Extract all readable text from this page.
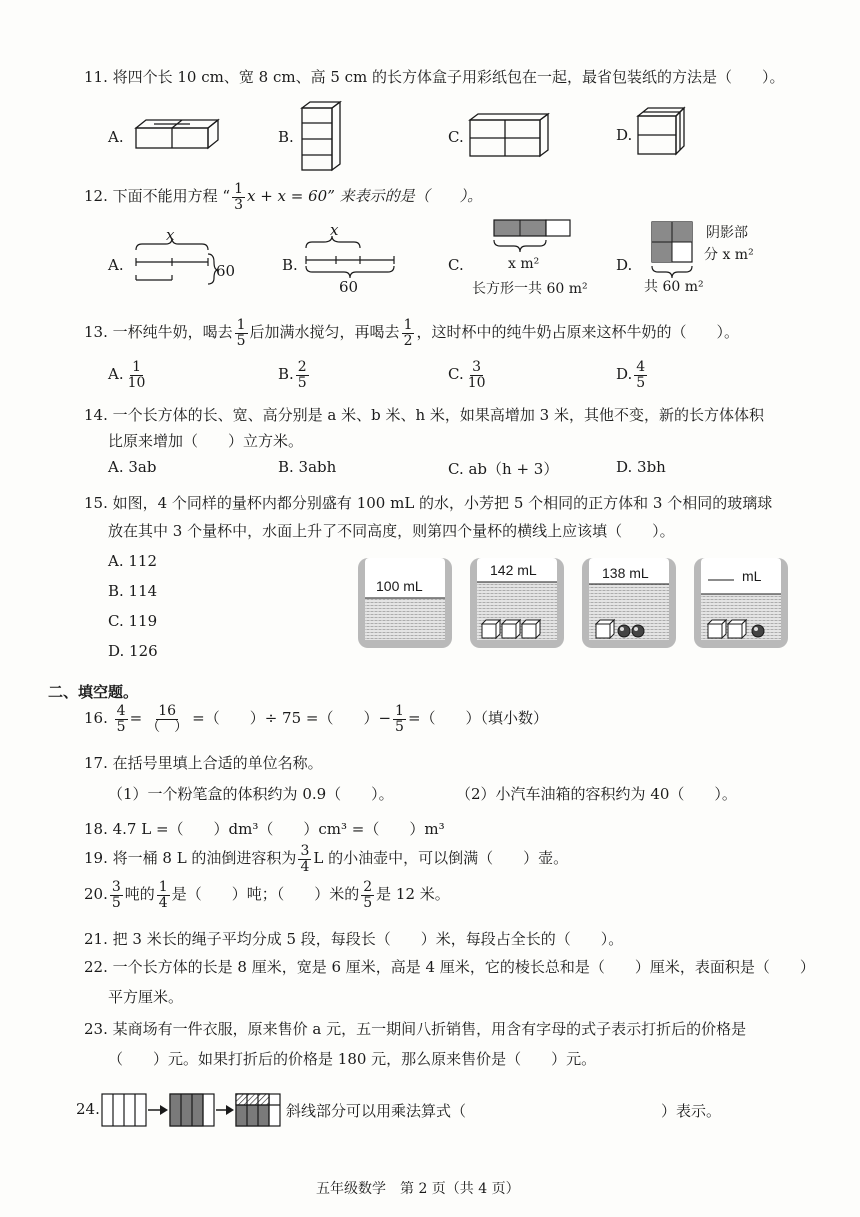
11. 将四个长 10 cm、宽 8 cm、高 5 cm 的长方体盒子用彩纸包在一起，最省包装纸的方法是（　　）。
A.	B.	C.	D.
12. 下面不能用方程 “ $\frac{1}{3}$ x + x = 60” 来表示的是（　　）。
A.
x
60	B.
x
60
C.	x m²
长方形一共 60 m²
D.
阴影部
分 x m²
共 60 m²
13. 一杯纯牛奶，喝去 $\frac{1}{5}$ 后加满水搅匀，再喝去 $\frac{1}{2}$ ，这时杯中的纯牛奶占原来这杯牛奶的（　　）。
A. $\frac{1}{10}$	B. $\frac{2}{5}$	C. $\frac{3}{10}$	D. $\frac{4}{5}$
14. 一个长方体的长、宽、高分别是 a 米、b 米、h 米，如果高增加 3 米，其他不变，新的长方体体积
比原来增加（　　）立方米。
A. 3ab	B. 3abh	C. ab（h + 3）	D. 3bh
15. 如图，4 个同样的量杯内都分别盛有 100 mL 的水，小芳把 5 个相同的正方体和 3 个相同的玻璃球
放在其中 3 个量杯中，水面上升了不同高度，则第四个量杯的横线上应该填（　　）。
A. 112
B. 114
C. 119
D. 126
100 mL
142 mL	138 mL	mL
二、填空题。
16. $\frac{4}{5} = \frac{16}{( )}$ =（　　）÷ 75 =（　　）− $\frac{1}{5}$ =（　　）（填小数）
17. 在括号里填上合适的单位名称。
（1）一个粉笔盒的体积约为 0.9（　　）。	（2）小汽车油箱的容积约为 40（　　）。
18. 4.7 L =（　　）dm³（　　）cm³ =（　　）m³
19. 将一桶 8 L 的油倒进容积为 $\frac{3}{4}$ L 的小油壶中，可以倒满（　　）壶。
20. $\frac{3}{5}$ 吨的 $\frac{1}{4}$ 是（　　）吨；（　　）米的 $\frac{2}{5}$ 是 12 米。
21. 把 3 米长的绳子平均分成 5 段，每段长（　　）米，每段占全长的（　　）。
22. 一个长方体的长是 8 厘米，宽是 6 厘米，高是 4 厘米，它的棱长总和是（　　）厘米，表面积是（　　）
平方厘米。
23. 某商场有一件衣服，原来售价 a 元，五一期间八折销售，用含有字母的式子表示打折后的价格是
（　　）元。如果打折后的价格是 180 元，那么原来售价是（　　）元。
24.	斜线部分可以用乘法算式（　　　　　　　　　　　　　）表示。
五年级数学　第 2 页（共 4 页）
